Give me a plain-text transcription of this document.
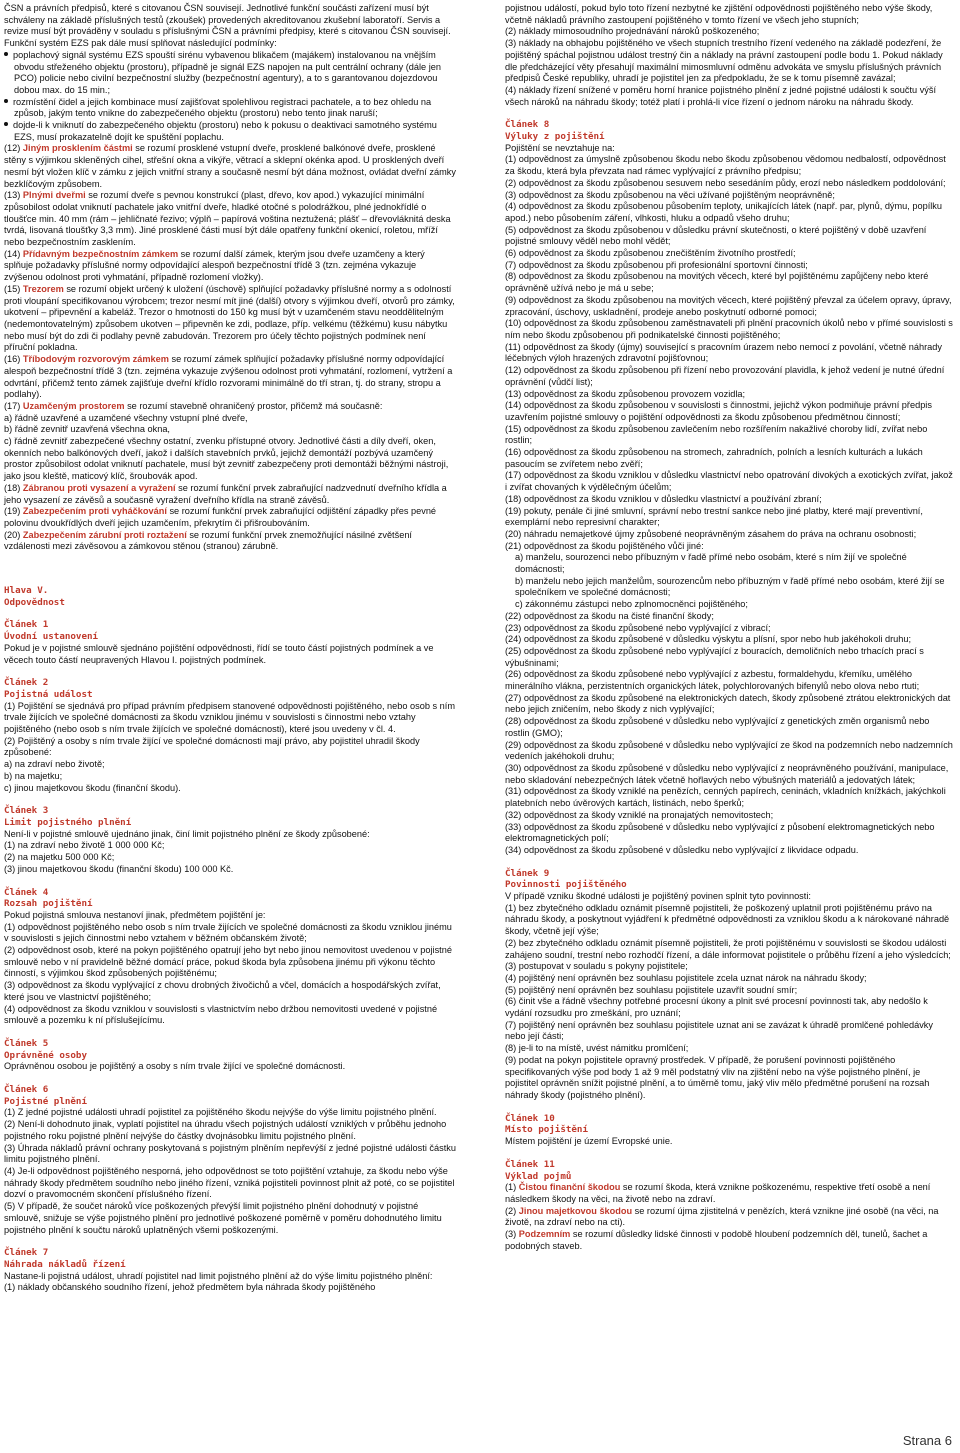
ČSN a právních předpisů, které s citovanou ČSN souvisejí. Jednotlivé funkční součásti zařízení musí být schváleny na základě příslušných testů (zkoušek) provedených akreditovanou zkušební laboratoří. Servis a revize musí být prováděny v souladu s příslušnými ČSN a právními předpisy, které s citovanou ČSN souvisejí. Funkční systém EZS pak dále musí splňovat následující podmínky:

poplachový signál systému EZS spouští sirénu vybavenou blikačem (majákem) instalovanou na vnějším obvodu střeženého objektu (prostoru), případně je signál EZS napojen na pult centrální ochrany (dále jen PCO) policie nebo civilní bezpečnostní služby (bezpečnostní agentury), a to s garantovanou dojezdovou dobou max. do 15 min.;

rozmístění čidel a jejich kombinace musí zajišťovat spolehlivou registraci pachatele, a to bez ohledu na způsob, jakým tento vnikne do zabezpečeného objektu (prostoru) nebo tento jinak naruší;

dojde-li k vniknutí do zabezpečeného objektu (prostoru) nebo k pokusu o deaktivaci samotného systému EZS, musí prokazatelně dojít ke spuštění poplachu.

(12) Jiným prosklením částmi se rozumí prosklené vstupní dveře, prosklené balkónové dveře, prosklené stěny s výjimkou skleněných cihel, střešní okna a vikýře, větrací a sklepní okénka apod. U prosklených dveří nesmí být vložen klíč v zámku z jejich vnitřní strany a současně nesmí být dána možnost, ovládat dveřní zámky bezklíčovým způsobem.

(13) Plnými dveřmi se rozumí dveře s pevnou konstrukcí (plast, dřevo, kov apod.) vykazující minimální způsobilost odolat vniknutí pachatele jako vnitřní dveře, hladké otočné s polodrážkou, plné jednokřídlé o tloušťce min. 40 mm (rám – jehličnaté řezivo; výplň – papírová voština neztužená; plášť – dřevovláknitá deska tvrdá, lisovaná tloušťky 3,3 mm). Jiné prosklené části musí být dále opatřeny funkční okenicí, roletou, mříží nebo bezpečnostním zasklením.

(14) Přídavným bezpečnostním zámkem se rozumí další zámek, kterým jsou dveře uzamčeny a který splňuje požadavky příslušné normy odpovídající alespoň bezpečnostní třídě 3 (tzn. zejména vykazuje zvýšenou odolnost proti vyhmatání, případně rozlomení vložky).

(15) Trezorem se rozumí objekt určený k uložení (úschově) splňující požadavky příslušné normy a s odolností proti vloupání specifikovanou výrobcem; trezor nesmí mít jiné (další) otvory s výjimkou dveří, otvorů pro zámky, ukotvení – připevnění a kabeláž. Trezor o hmotnosti do 150 kg musí být v uzamčeném stavu neoddělitelným (nedemontovatelným) způsobem ukotven – připevněn ke zdi, podlaze, příp. velkému (těžkému) kusu nábytku nebo musí být do zdi či podlahy pevně zabudován. Trezorem pro účely těchto pojistných podmínek není příruční pokladna.

(16) Tříbodovým rozvorovým zámkem se rozumí zámek splňující požadavky příslušné normy odpovídající alespoň bezpečnostní třídě 3 (tzn. zejména vykazuje zvýšenou odolnost proti vyhmatání, rozlomení, vytržení a odvrtání, přičemž tento zámek zajišťuje dveřní křídlo rozvorami minimálně do tří stran, tj. do strany, stropu a podlahy).

(17) Uzamčeným prostorem se rozumí stavebně ohraničený prostor, přičemž má současně:

a) řádně uzavřené a uzamčené všechny vstupní plné dveře,

b) řádně zevnitř uzavřená všechna okna,

c) řádně zevnitř zabezpečené všechny ostatní, zvenku přístupné otvory. Jednotlivé části a díly dveří, oken, okenních nebo balkónových dveří, jakož i dalších stavebních prvků, jejichž demontáží pozbývá uzamčený prostor způsobilost odolat vniknutí pachatele, musí být zevnitř zabezpečeny proti demontáži běžnými nástroji, jako jsou kleště, maticový klíč, šroubovák apod.

(18) Zábranou proti vysazení a vyražení se rozumí funkční prvek zabraňující nadzvednutí dveřního křídla a jeho vysazení ze závěsů a současně vyražení dveřního křídla na straně závěsů.

(19) Zabezpečením proti vyháčkování se rozumí funkční prvek zabraňující odjištění západky přes pevné polovinu dvoukřídlých dveří jejich uzamčením, překrytím či přišroubováním.

(20) Zabezpečením zárubní proti roztažení se rozumí funkční prvek znemožňující násilné zvětšení vzdálenosti mezi závěsovou a zámkovou stěnou (stranou) zárubně.

Hlava V.

Odpovědnost

Článek 1

Úvodní ustanovení

Pokud je v pojistné smlouvě sjednáno pojištění odpovědnosti, řídí se touto částí pojistných podmínek a ve věcech touto částí neupravených Hlavou I. pojistných podmínek.

Článek 2

Pojistná událost

(1) Pojištění se sjednává pro případ právním předpisem stanovené odpovědnosti pojištěného, nebo osob s ním trvale žijících ve společné domácnosti za škodu vzniklou jinému v souvislosti s činnostmi nebo vztahy pojištěného (nebo osob s ním trvale žijících ve společné domácnosti), které jsou uvedeny v čl. 4.

(2) Pojištěný a osoby s ním trvale žijící ve společné domácnosti mají právo, aby pojistitel uhradil škody způsobené:

a) na zdraví nebo životě;

b) na majetku;

c) jinou majetkovou škodu (finanční škodu).

Článek 3

Limit pojistného plnění

Není-li v pojistné smlouvě ujednáno jinak, činí limit pojistného plnění ze škody způsobené:

(1) na zdraví nebo životě 1 000 000 Kč;

(2) na majetku 500 000 Kč;

(3) jinou majetkovou škodu (finanční škodu) 100 000 Kč.

Článek 4

Rozsah pojištění

Pokud pojistná smlouva nestanoví jinak, předmětem pojištění je:

(1) odpovědnost pojištěného nebo osob s ním trvale žijících ve společné domácnosti za škodu vzniklou jinému v souvislosti s jejich činnostmi nebo vztahem v běžném občanském životě;

(2) odpovědnost osob, které na pokyn pojištěného opatrují jeho byt nebo jinou nemovitost uvedenou v pojistné smlouvě nebo v ní pravidelně běžné domácí práce, pokud škoda byla způsobena jinému při výkonu těchto činností, s výjimkou škod způsobených pojištěnému;

(3) odpovědnost za škodu vyplývající z chovu drobných živočichů a včel, domácích a hospodářských zvířat, které jsou ve vlastnictví pojištěného;

(4) odpovědnost za škodu vzniklou v souvislosti s vlastnictvím nebo držbou nemovitosti uvedené v pojistné smlouvě a pozemku k ní příslušejícímu.

Článek 5

Oprávněné osoby

Oprávněnou osobou je pojištěný a osoby s ním trvale žijící ve společné domácnosti.

Článek 6

Pojistné plnění

(1) Z jedné pojistné události uhradí pojistitel za pojištěného škodu nejvýše do výše limitu pojistného plnění.

(2) Není-li dohodnuto jinak, vyplatí pojistitel na úhradu všech pojistných událostí vzniklých v průběhu jednoho pojistného roku pojistné plnění nejvýše do částky dvojnásobku limitu pojistného plnění.

(3) Úhrada nákladů právní ochrany poskytovaná s pojistným plněním nepřevýší z jedné pojistné události částku limitu pojistného plnění.

(4) Je-li odpovědnost pojištěného nesporná, jeho odpovědnost se toto pojištění vztahuje, za škodu nebo výše náhrady škody předmětem soudního nebo jiného řízení, vzniká pojistiteli povinnost plnit až poté, co se pojistitel dozví o pravomocném skončení příslušného řízení.

(5) V případě, že součet nároků více poškozených převýší limit pojistného plnění dohodnutý v pojistné smlouvě, snižuje se výše pojistného plnění pro jednotlivé poškozené poměrně v poměru dohodnutého limitu pojistného plnění k součtu nároků uplatněných všemi poškozenými.

Článek 7

Náhrada nákladů řízení

Nastane-li pojistná událost, uhradí pojistitel nad limit pojistného plnění až do výše limitu pojistného plnění:

(1) náklady občanského soudního řízení, jehož předmětem byla náhrada škody pojištěného

pojistnou událostí, pokud bylo toto řízení nezbytné ke zjištění odpovědnosti pojištěného nebo výše škody, včetně nákladů právního zastoupení pojištěného v tomto řízení ve všech jeho stupních;

(2) náklady mimosoudního projednávání nároků poškozeného;

(3) náklady na obhajobu pojištěného ve všech stupních trestního řízení vedeného na základě podezření, že pojištěný spáchal pojistnou událost trestný čin a náklady na právní zastoupení podle bodu 1. Pokud náklady dle předcházející věty přesahují maximální mimosmluvní odměnu advokáta ve smyslu příslušných právních předpisů České republiky, uhradí je pojistitel jen za předpokladu, že se k tomu písemně zavázal;

(4) náklady řízení snížené v poměru horní hranice pojistného plnění z jedné pojistné události k součtu výší všech nároků na náhradu škody; totéž platí i prohlá-li více řízení o jednom nároku na náhradu škody.

Článek 8

Výluky z pojištění

Pojištění se nevztahuje na:

(1) odpovědnost za úmyslně způsobenou škodu nebo škodu způsobenou vědomou nedbalostí, odpovědnost za škodu, která byla převzata nad rámec vyplývající z právního předpisu;

(2) odpovědnost za škodu způsobenou sesuvem nebo sesedáním půdy, erozí nebo následkem poddolování;

(3) odpovědnost za škodu způsobenou na věci užívané pojištěným neoprávněně;

(4) odpovědnost za škodu způsobenou působením teploty, unikajících látek (např. par, plynů, dýmu, popílku apod.) nebo působením záření, vlhkosti, hluku a odpadů všeho druhu;

(5) odpovědnost za škodu způsobenou v důsledku právní skutečnosti, o které pojištěný v době uzavření pojistné smlouvy věděl nebo mohl vědět;

(6) odpovědnost za škodu způsobenou znečištěním životního prostředí;

(7) odpovědnost za škodu způsobenou při profesionální sportovní činnosti;

(8) odpovědnost za škodu způsobenou na movitých věcech, které byl pojištěnému zapůjčeny nebo které oprávněně užívá nebo je má u sebe;

(9) odpovědnost za škodu způsobenou na movitých věcech, které pojištěný převzal za účelem opravy, úpravy, zpracování, úschovy, uskladnění, prodeje anebo poskytnutí odborné pomoci;

(10) odpovědnost za škodu způsobenou zaměstnavateli při plnění pracovních úkolů nebo v přímé souvislosti s ním nebo škodu způsobenou při podnikatelské činnosti pojištěného;

(11) odpovědnost za škody (újmy) související s pracovním úrazem nebo nemocí z povolání, včetně náhrady léčebných výloh hrazených zdravotní pojišťovnou;

(12) odpovědnost za škodu způsobenou při řízení nebo provozování plavidla, k jehož vedení je nutné úřední oprávnění (vůdčí list);

(13) odpovědnost za škodu způsobenou provozem vozidla;

(14) odpovědnost za škodu způsobenou v souvislosti s činnostmi, jejichž výkon podmiňuje právní předpis uzavřením pojistné smlouvy o pojištění odpovědnosti za škodu způsobenou předmětnou činností;

(15) odpovědnost za škodu způsobenou zavlečením nebo rozšířením nakažlivé choroby lidí, zvířat nebo rostlin;

(16) odpovědnost za škodu způsobenou na stromech, zahradních, polních a lesních kulturách a lukách pasoucím se zvířetem nebo zvěří;

(17) odpovědnost za škodu vzniklou v důsledku vlastnictví nebo opatrování divokých a exotických zvířat, jakož i zvířat chovaných k výdělečným účelům;

(18) odpovědnost za škodu vzniklou v důsledku vlastnictví a používání zbraní;

(19) pokuty, penále či jiné smluvní, správní nebo trestní sankce nebo jiné platby, které mají preventivní, exemplární nebo represivní charakter;

(20) náhradu nemajetkové újmy způsobené neoprávněným zásahem do práva na ochranu osobnosti;

(21) odpovědnost za škodu pojištěného vůči jiné:

a) manželu, sourozenci nebo příbuzným v řadě přímé nebo osobám, které s ním žijí ve společné domácnosti;

b) manželu nebo jejich manželům, sourozencům nebo příbuzným v řadě přímé nebo osobám, které žijí se společníkem ve společné domácnosti;

c) zákonnému zástupci nebo zplnomocněnci pojištěného;

(22) odpovědnost za škodu na čisté finanční škody;

(23) odpovědnost za škodu způsobené nebo vyplývající z vibrací;

(24) odpovědnost za škodu způsobené v důsledku výskytu a plísní, spor nebo hub jakéhokoli druhu;

(25) odpovědnost za škodu způsobené nebo vyplývající z bouracích, demoličních nebo trhacích prací s výbušninami;

(26) odpovědnost za škodu způsobené nebo vyplývající z azbestu, formaldehydu, křemíku, umělého minerálního vlákna, perzistentních organických látek, polychlorovaných bifenylů nebo olova nebo rtuti;

(27) odpovědnost za škodu způsobené na elektronických datech, škody způsobené ztrátou elektronických dat nebo jejich zničením, nebo škody z nich vyplývající;

(28) odpovědnost za škodu způsobené v důsledku nebo vyplývající z genetických změn organismů nebo rostlin (GMO);

(29) odpovědnost za škodu způsobené v důsledku nebo vyplývající ze škod na podzemních nebo nadzemních vedeních jakéhokoli druhu;

(30) odpovědnost za škodu způsobené v důsledku nebo vyplývající z neoprávněného používání, manipulace, nebo skladování nebezpečných látek včetně hořlavých nebo výbušných materiálů a jedovatých látek;

(31) odpovědnost za škody vzniklé na penězích, cenných papírech, ceninách, vkladních knížkách, jakýchkoli platebních nebo úvěrových kartách, listinách, nebo šperků;

(32) odpovědnost za škody vzniklé na pronajatých nemovitostech;

(33) odpovědnost za škodu způsobené v důsledku nebo vyplývající z působení elektromagnetických nebo elektromagnetických polí;

(34) odpovědnost za škodu způsobené v důsledku nebo vyplývající z likvidace odpadu.

Článek 9

Povinnosti pojištěného

V případě vzniku škodné události je pojištěný povinen splnit tyto povinnosti:

(1) bez zbytečného odkladu oznámit písemně pojistiteli, že poškozený uplatnil proti pojištěnému právo na náhradu škody, a poskytnout vyjádření k předmětné odpovědnosti za vzniklou škodu a k nárokované náhradě škody, včetně její výše;

(2) bez zbytečného odkladu oznámit písemně pojistiteli, že proti pojištěnému v souvislosti se škodou události zahájeno soudní, trestní nebo rozhodčí řízení, a dále informovat pojistitele o průběhu řízení a jeho výsledcích;

(3) postupovat v souladu s pokyny pojistitele;

(4) pojištěný není oprávněn bez souhlasu pojistitele zcela uznat nárok na náhradu škody;

(5) pojištěný není oprávněn bez souhlasu pojistitele uzavřít soudní smír;

(6) činit vše a řádně všechny potřebné procesní úkony a plnit své procesní povinnosti tak, aby nedošlo k vydání rozsudku pro zmeškání, pro uznání;

(7) pojištěný není oprávněn bez souhlasu pojistitele uznat ani se zavázat k úhradě promlčené pohledávky nebo její části;

(8) je-li to na místě, uvést námitku promlčení;

(9) podat na pokyn pojistitele opravný prostředek. V případě, že porušení povinnosti pojištěného specifikovaných výše pod body 1 až 9 měl podstatný vliv na zjištění nebo na výše pojistného plnění, je pojistitel oprávněn snížit pojistné plnění, a to úměrně tomu, jaký vliv mělo předmětné porušení na rozsah náhrady škody (pojistného plnění).

Článek 10

Místo pojištění

Místem pojištění je území Evropské unie.

Článek 11

Výklad pojmů

(1) Čistou finanční škodou se rozumí škoda, která vznikne poškozenému, respektive třetí osobě a není následkem škody na věci, na životě nebo na zdraví.

(2) Jinou majetkovou škodou se rozumí újma zjistitelná v penězích, která vznikne jiné osobě (na věci, na životě, na zdraví nebo na cti).

(3) Podzemním se rozumí důsledky lidské činnosti v podobě hloubení podzemních děl, tunelů, šachet a podobných staveb.

Strana 6
